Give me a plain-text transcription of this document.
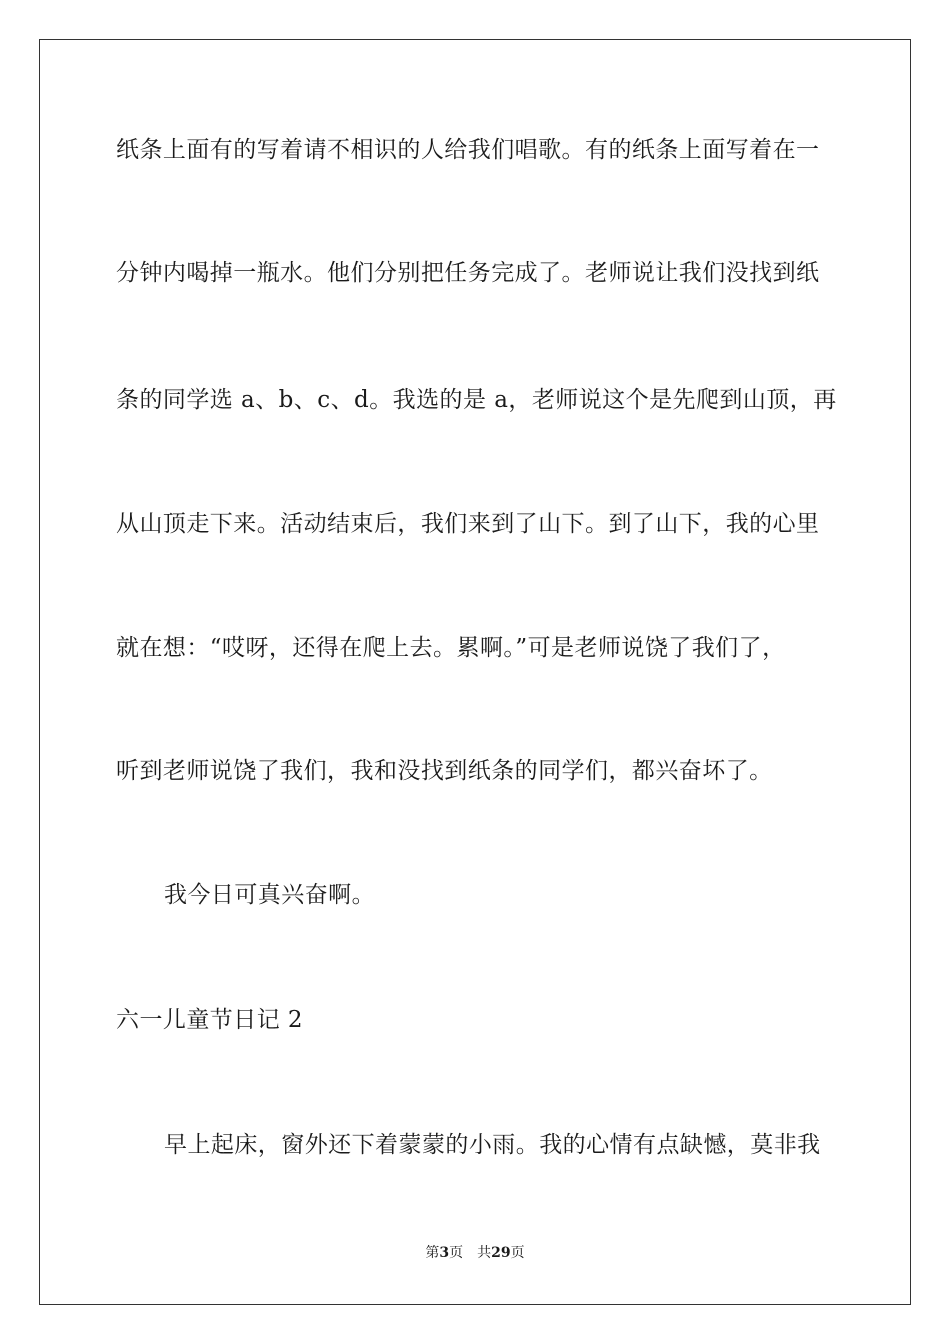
纸条上面有的写着请不相识的人给我们唱歌。有的纸条上面写着在一
分钟内喝掉一瓶水。他们分别把任务完成了。老师说让我们没找到纸
条的同学选 a、b、c、d。我选的是 a，老师说这个是先爬到山顶，再
从山顶走下来。活动结束后，我们来到了山下。到了山下，我的心里
就在想：“哎呀，还得在爬上去。累啊。”可是老师说饶了我们了，
听到老师说饶了我们，我和没找到纸条的同学们，都兴奋坏了。
我今日可真兴奋啊。
六一儿童节日记 2
早上起床，窗外还下着蒙蒙的小雨。我的心情有点缺憾，莫非我
第3页 共29页
